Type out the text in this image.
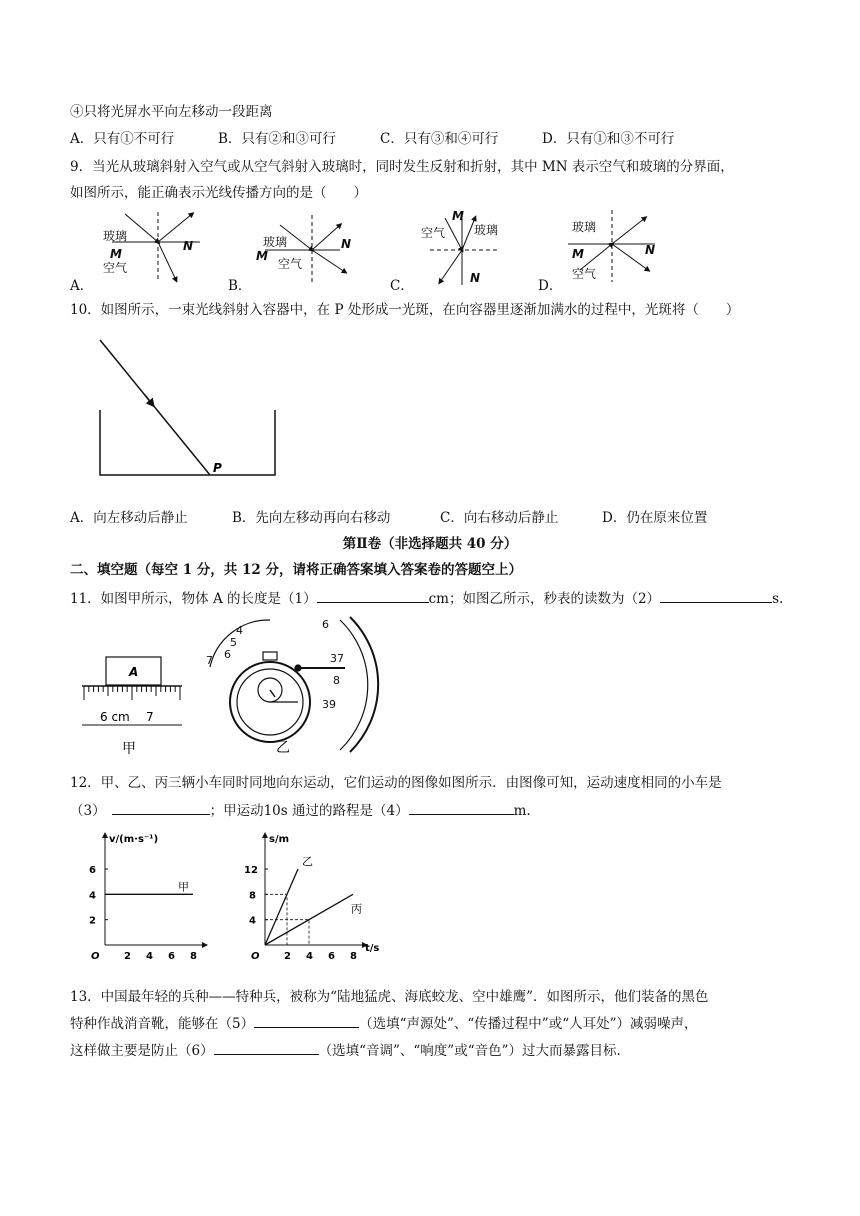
④只将光屏水平向左移动一段距离
A．只有①不可行	B．只有②和③可行	C．只有③和④可行	D．只有①和③不可行
9．当光从玻璃斜射入空气或从空气斜射入玻璃时，同时发生反射和折射，其中 MN 表示空气和玻璃的分界面，
如图所示，能正确表示光线传播方向的是（　　）
玻璃
M
空气
N	玻璃
M
空气
N
空气
M
玻璃
N
玻璃
M
空气
N
A．	B．	C．	D．
10．如图所示，一束光线斜射入容器中，在 P 处形成一光斑，在向容器里逐渐加满水的过程中，光斑将（　　）
P
A．向左移动后静止	B．先向左移动再向右移动	C．向右移动后静止	D．仍在原来位置
第Ⅱ卷（非选择题共 40 分）
二、填空题（每空 1 分，共 12 分，请将正确答案填入答案卷的答题空上）
11．如图甲所示，物体 A 的长度是（1）	cm；如图乙所示，秒表的读数为（2）	s.
A
6 cm 7
甲
4
5
6
7
6
37
8
39
乙
12．甲、乙、丙三辆小车同时同地向东运动，它们运动的图像如图所示．由图像可知，运动速度相同的小车是
（3）	；甲运动10s 通过的路程是（4）	m.
v/(m·s⁻¹)
O 2 4 6 8
2
4
6
甲
s/m
t/s
O 2 4 6 8
4
8
12
乙
丙
13．中国最年轻的兵种——特种兵，被称为“陆地猛虎、海底蛟龙、空中雄鹰”．如图所示，他们装备的黑色
特种作战消音靴，能够在（5）	（选填“声源处”、“传播过程中”或“人耳处”）减弱噪声，
这样做主要是防止（6）	（选填“音调”、“响度”或“音色”）过大而暴露目标.
